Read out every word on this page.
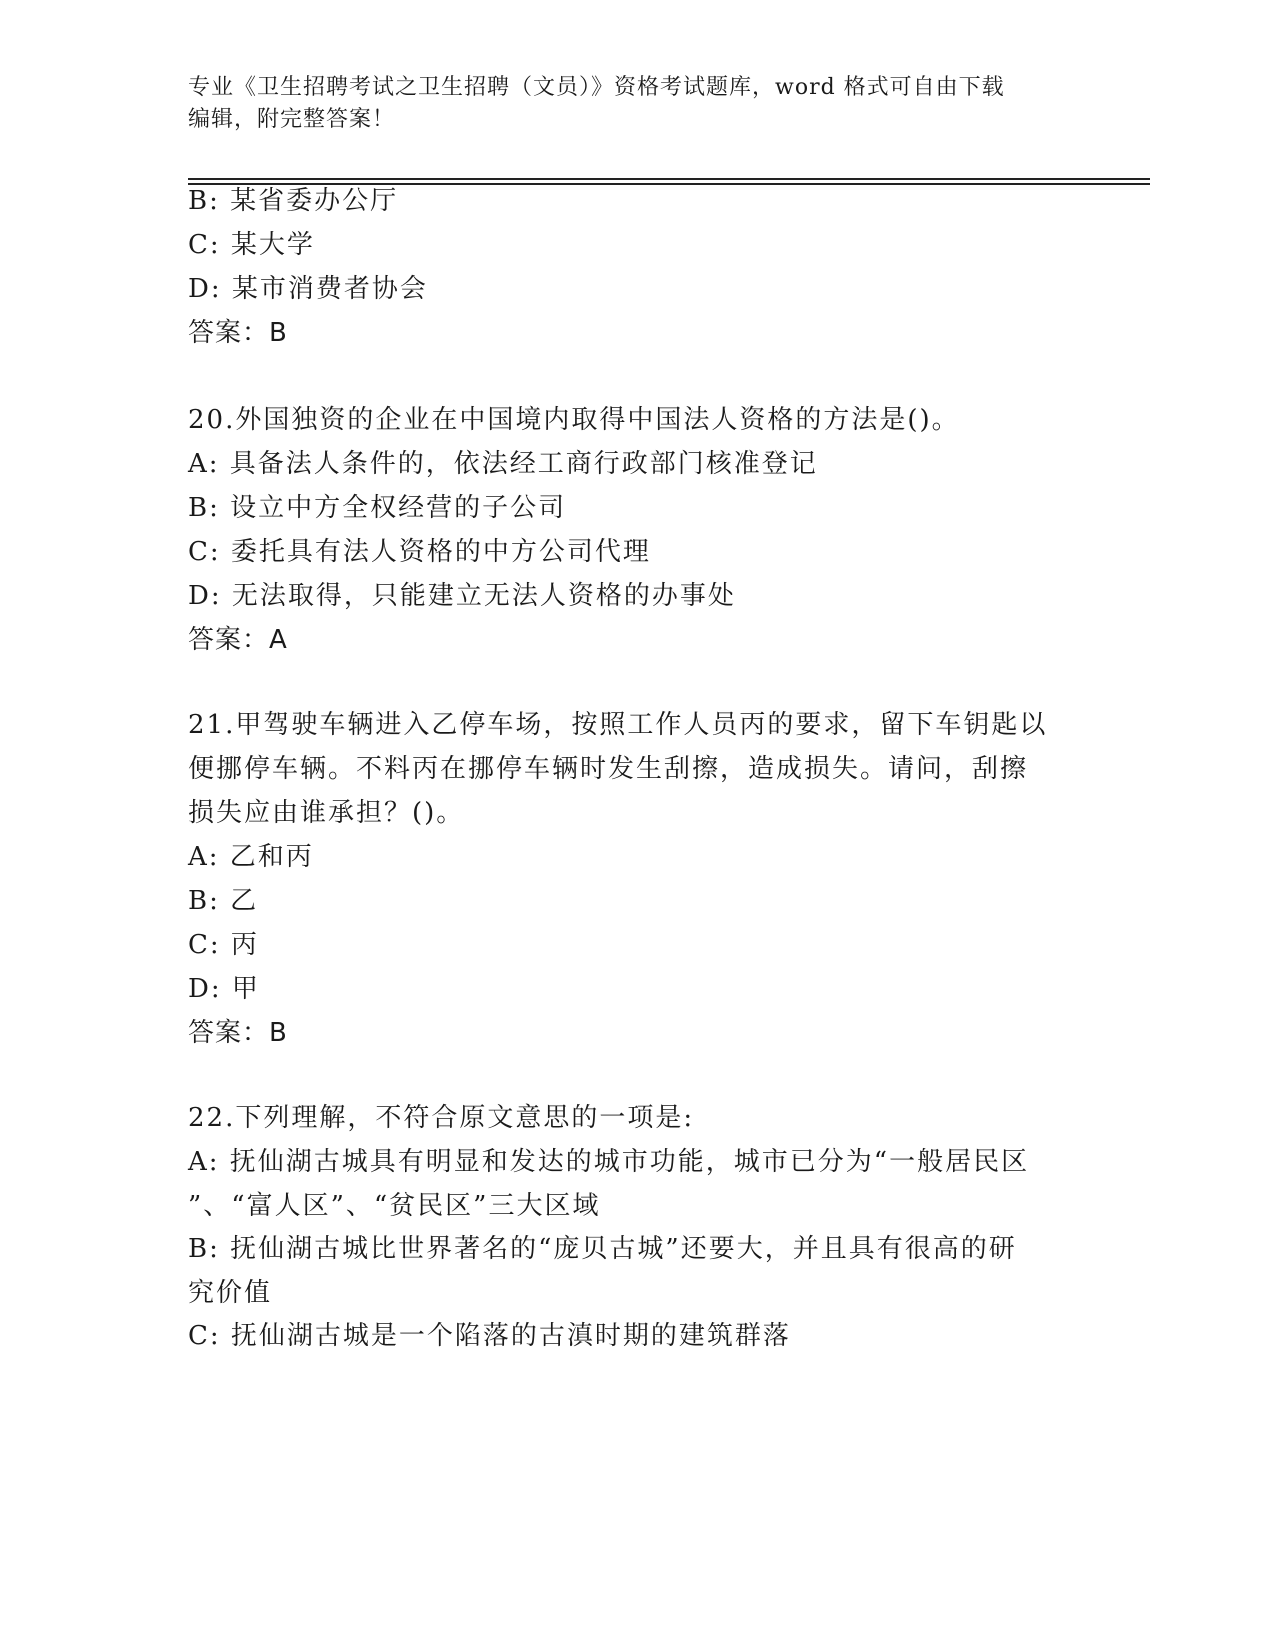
专业《卫生招聘考试之卫生招聘（文员）》资格考试题库，word 格式可自由下载
编辑，附完整答案！
B: 某省委办公厅
C: 某大学
D: 某市消费者协会
答案：B
20.外国独资的企业在中国境内取得中国法人资格的方法是()。
A: 具备法人条件的，依法经工商行政部门核准登记
B: 设立中方全权经营的子公司
C: 委托具有法人资格的中方公司代理
D: 无法取得，只能建立无法人资格的办事处
答案：A
21.甲驾驶车辆进入乙停车场，按照工作人员丙的要求，留下车钥匙以
便挪停车辆。不料丙在挪停车辆时发生刮擦，造成损失。请问，刮擦
损失应由谁承担？()。
A: 乙和丙
B: 乙
C: 丙
D: 甲
答案：B
22.下列理解，不符合原文意思的一项是:
A: 抚仙湖古城具有明显和发达的城市功能，城市已分为“一般居民区
”、“富人区”、“贫民区”三大区域
B: 抚仙湖古城比世界著名的“庞贝古城”还要大，并且具有很高的研
究价值
C: 抚仙湖古城是一个陷落的古滇时期的建筑群落
